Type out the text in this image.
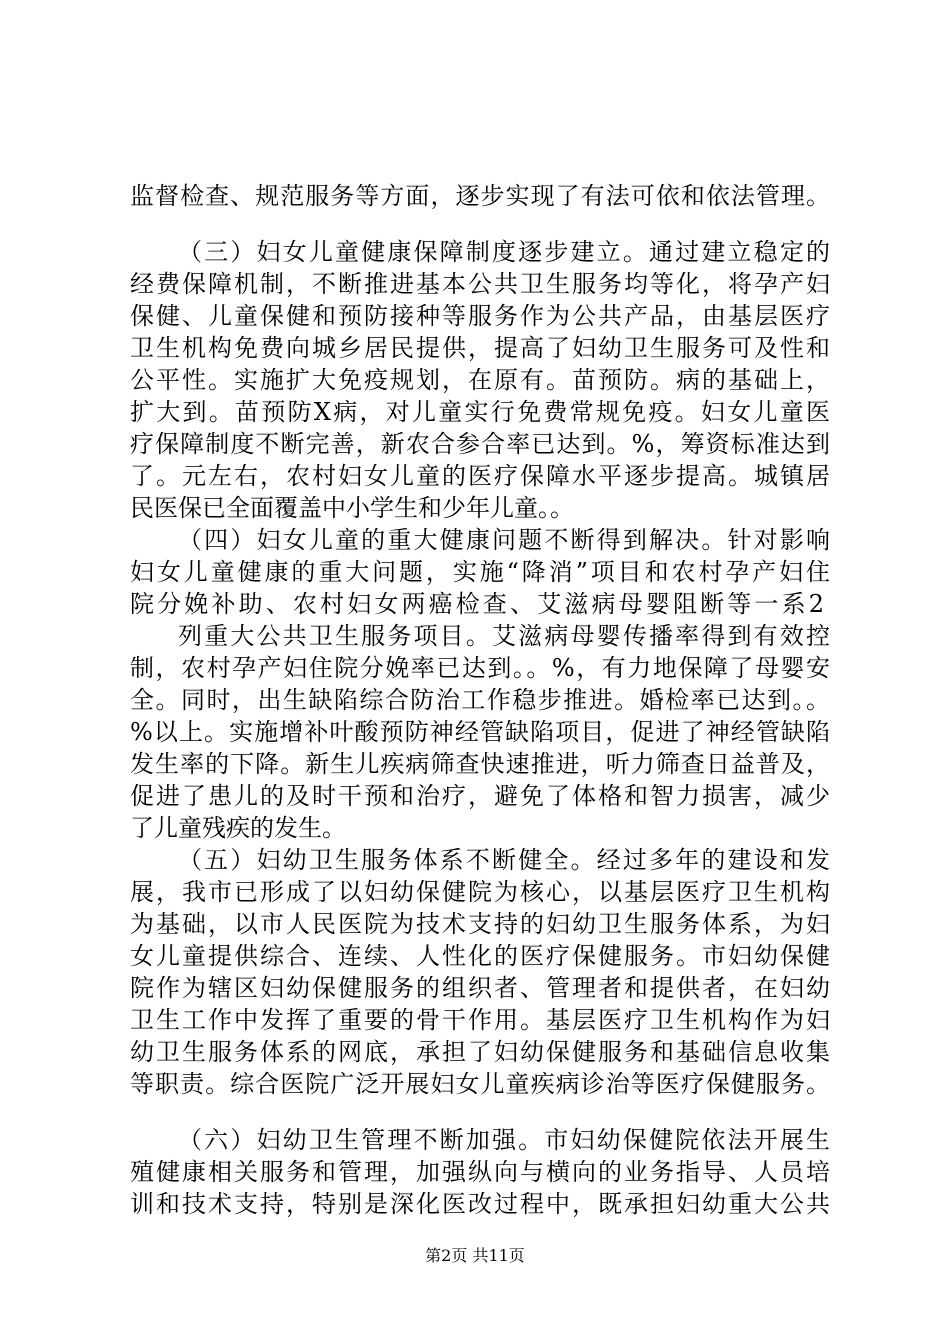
监督检查、规范服务等方面，逐步实现了有法可依和依法管理。
（三）妇女儿童健康保障制度逐步建立。通过建立稳定的
经费保障机制，不断推进基本公共卫生服务均等化，将孕产妇
保健、儿童保健和预防接种等服务作为公共产品，由基层医疗
卫生机构免费向城乡居民提供，提高了妇幼卫生服务可及性和
公平性。实施扩大免疫规划，在原有。苗预防。病的基础上，
扩大到。苗预防X病，对儿童实行免费常规免疫。妇女儿童医
疗保障制度不断完善，新农合参合率已达到。%，筹资标准达到
了。元左右，农村妇女儿童的医疗保障水平逐步提高。城镇居
民医保已全面覆盖中小学生和少年儿童。。
（四）妇女儿童的重大健康问题不断得到解决。针对影响
妇女儿童健康的重大问题，实施“降消”项目和农村孕产妇住
院分娩补助、农村妇女两癌检查、艾滋病母婴阻断等一系2
列重大公共卫生服务项目。艾滋病母婴传播率得到有效控
制，农村孕产妇住院分娩率已达到。。%，有力地保障了母婴安
全。同时，出生缺陷综合防治工作稳步推进。婚检率已达到。。
%以上。实施增补叶酸预防神经管缺陷项目，促进了神经管缺陷
发生率的下降。新生儿疾病筛查快速推进，听力筛查日益普及，
促进了患儿的及时干预和治疗，避免了体格和智力损害，减少
了儿童残疾的发生。
（五）妇幼卫生服务体系不断健全。经过多年的建设和发
展，我市已形成了以妇幼保健院为核心，以基层医疗卫生机构
为基础，以市人民医院为技术支持的妇幼卫生服务体系，为妇
女儿童提供综合、连续、人性化的医疗保健服务。市妇幼保健
院作为辖区妇幼保健服务的组织者、管理者和提供者，在妇幼
卫生工作中发挥了重要的骨干作用。基层医疗卫生机构作为妇
幼卫生服务体系的网底，承担了妇幼保健服务和基础信息收集
等职责。综合医院广泛开展妇女儿童疾病诊治等医疗保健服务。
（六）妇幼卫生管理不断加强。市妇幼保健院依法开展生
殖健康相关服务和管理，加强纵向与横向的业务指导、人员培
训和技术支持，特别是深化医改过程中，既承担妇幼重大公共
第2页 共11页
